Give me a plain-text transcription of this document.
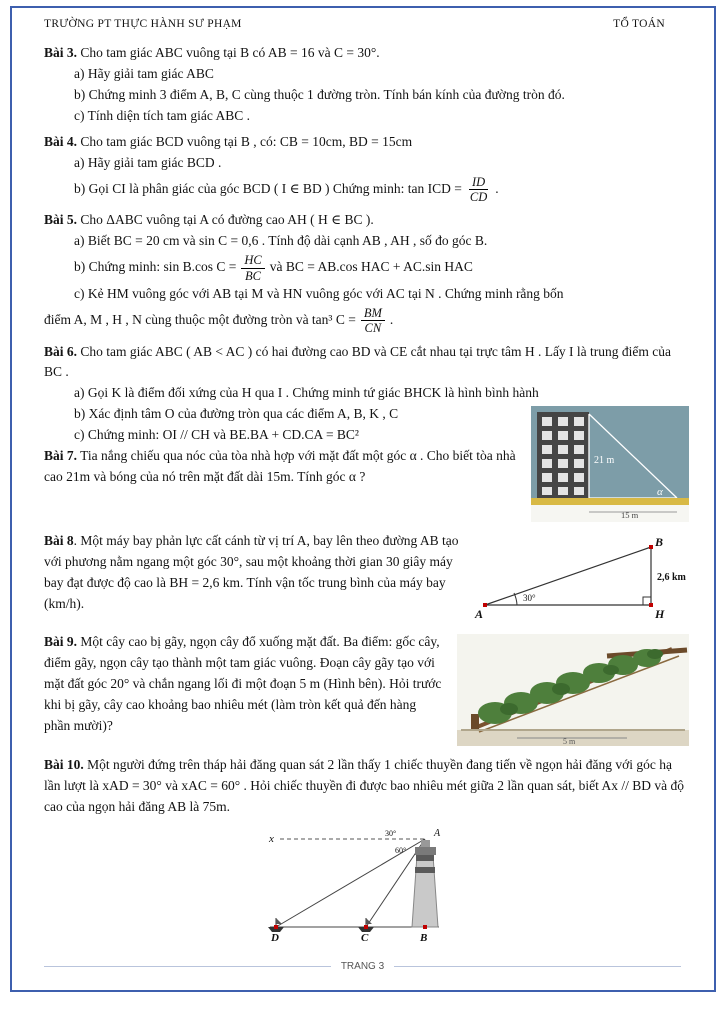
TRƯỜNG PT THỰC HÀNH SƯ PHẠM	TỔ TOÁN

Bài 3. Cho tam giác ABC vuông tại B có AB = 16 và C = 30°.

a) Hãy giải tam giác ABC

b) Chứng minh 3 điểm A, B, C cùng thuộc 1 đường tròn. Tính bán kính của đường tròn đó.

c) Tính diện tích tam giác ABC .

Bài 4. Cho tam giác BCD vuông tại B , có: CB = 10cm, BD = 15cm

a) Hãy giải tam giác BCD .

b) Gọi CI là phân giác của góc BCD ( I ∈ BD ) Chứng minh: tan ICD = $\frac{ID}{CD}$ .

Bài 5. Cho ΔABC vuông tại A có đường cao AH ( H ∈ BC ).

a) Biết BC = 20 cm và sin C = 0,6 . Tính độ dài cạnh AB , AH , số đo góc B.

b) Chứng minh: sin B.cos $C = \frac{HC}{BC}$ và BC = AB.cos HAC + AC.sin HAC

c) Kẻ HM vuông góc với AB tại M và HN vuông góc với AC tại N . Chứng minh rằng bốn

điểm A, M , H , N cùng thuộc một đường tròn và tan³ $C = \frac{BM}{CN}$ .

Bài 6. Cho tam giác ABC ( AB < AC ) có hai đường cao BD và CE cắt nhau tại trực tâm H . Lấy I là trung điểm của BC .

a) Gọi K là điểm đối xứng của H qua I . Chứng minh tứ giác BHCK là hình bình hành

21 m
α
15 m

b) Xác định tâm O của đường tròn qua các điểm A, B, K , C

c) Chứng minh: OI // CH và BE.BA + CD.CA = BC²

Bài 7. Tia nắng chiếu qua nóc của tòa nhà hợp với mặt đất một góc α . Cho biết tòa nhà cao 21m và bóng của nó trên mặt đất dài 15m. Tính góc α ?

30°
B
A	H
2,6 km

Bài 8. Một máy bay phản lực cất cánh từ vị trí A, bay lên theo đường AB tạo với phương nằm ngang một góc 30°, sau một khoảng thời gian 30 giây máy bay đạt được độ cao là BH = 2,6 km. Tính vận tốc trung bình của máy bay (km/h).

5 m

Bài 9. Một cây cao bị gãy, ngọn cây đổ xuống mặt đất. Ba điểm: gốc cây, điểm gãy, ngọn cây tạo thành một tam giác vuông. Đoạn cây gãy tạo với mặt đất góc 20° và chắn ngang lối đi một đoạn 5 m (Hình bên). Hỏi trước khi bị gãy, cây cao khoảng bao nhiêu mét (làm tròn kết quả đến hàng phần mười)?

Bài 10. Một người đứng trên tháp hải đăng quan sát 2 lần thấy 1 chiếc thuyền đang tiến về ngọn hải đăng với góc hạ lần lượt là xAD = 30° và xAC = 60° . Hỏi chiếc thuyền đi được bao nhiêu mét giữa 2 lần quan sát, biết Ax // BD và độ cao của ngọn hải đăng AB là 75m.

x	30°
60°
A
D	C	B
TRANG 3
